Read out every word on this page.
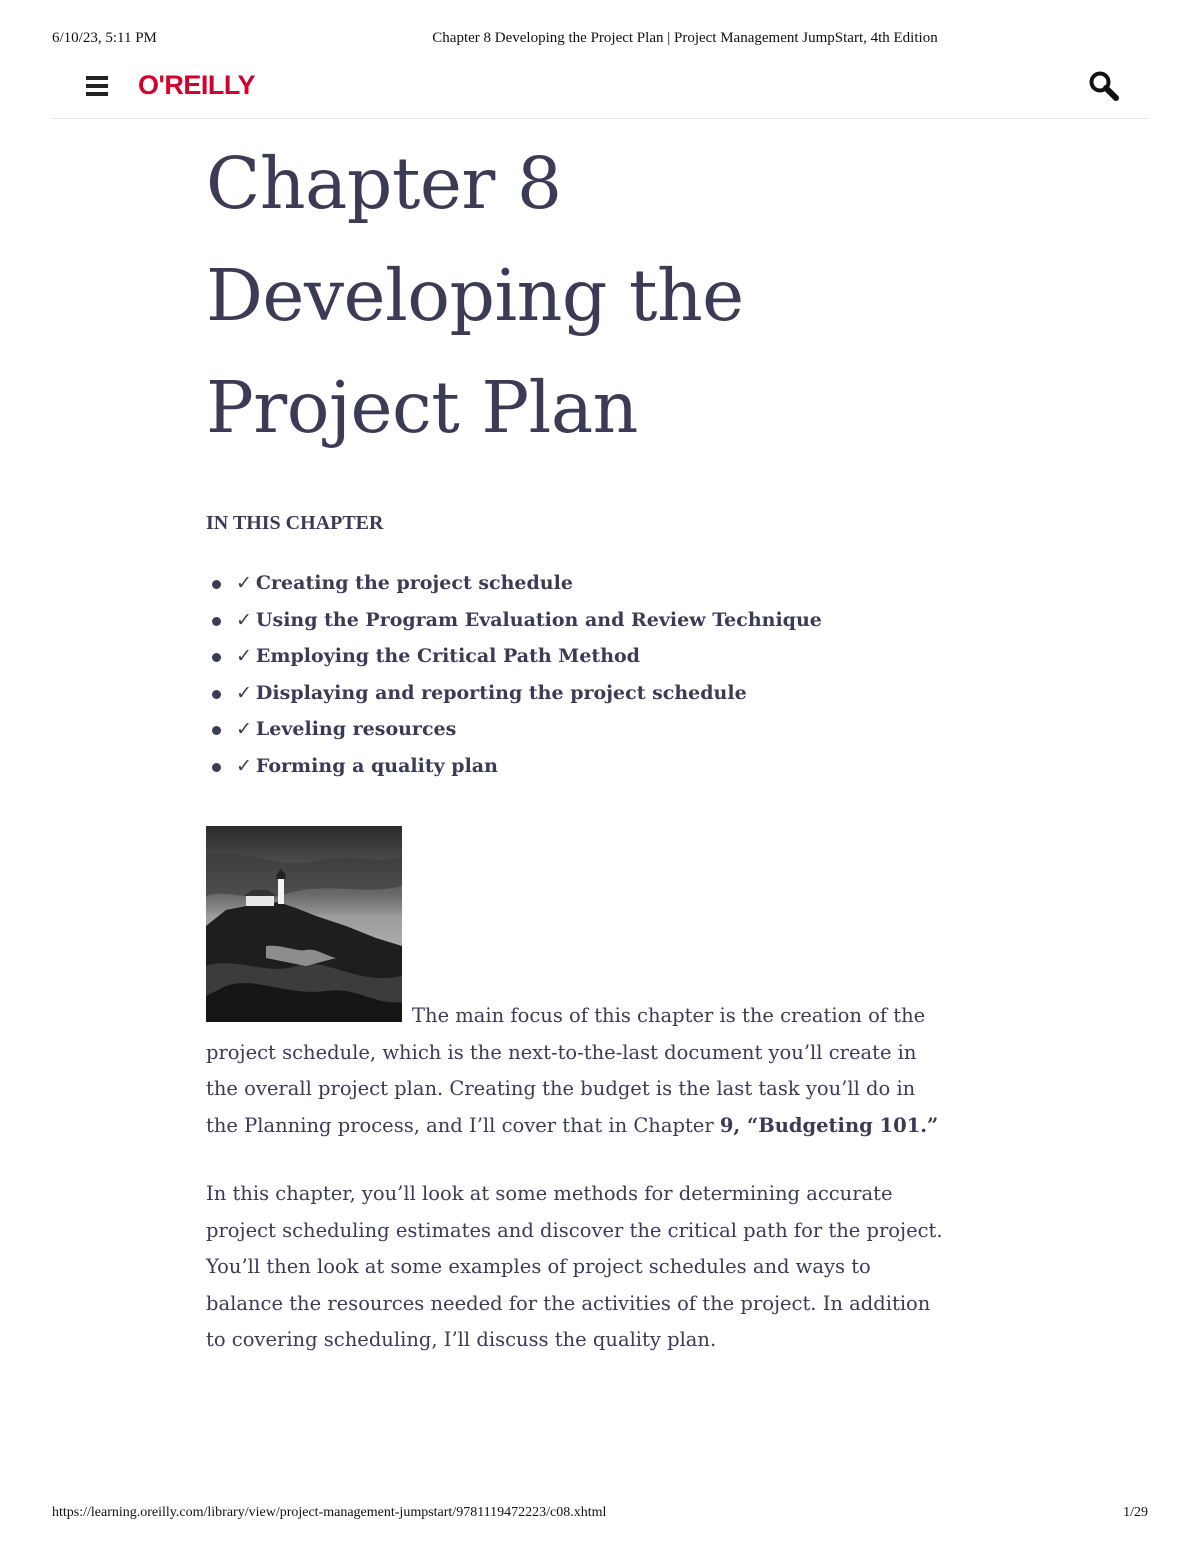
6/10/23, 5:11 PM	Chapter 8 Developing the Project Plan | Project Management JumpStart, 4th Edition
O'REILLY
Chapter 8
Developing the
Project Plan
IN THIS CHAPTER
✓ Creating the project schedule
✓ Using the Program Evaluation and Review Technique
✓ Employing the Critical Path Method
✓ Displaying and reporting the project schedule
✓ Leveling resources
✓ Forming a quality plan

The main focus of this chapter is the creation of the project schedule, which is the next-to-the-last document you’ll create in the overall project plan. Creating the budget is the last task you’ll do in the Planning process, and I’ll cover that in Chapter 9, “Budgeting 101.”

In this chapter, you’ll look at some methods for determining accurate project scheduling estimates and discover the critical path for the project. You’ll then look at some examples of project schedules and ways to balance the resources needed for the activities of the project. In addition to covering scheduling, I’ll discuss the quality plan.

https://learning.oreilly.com/library/view/project-management-jumpstart/9781119472223/c08.xhtml	1/29
